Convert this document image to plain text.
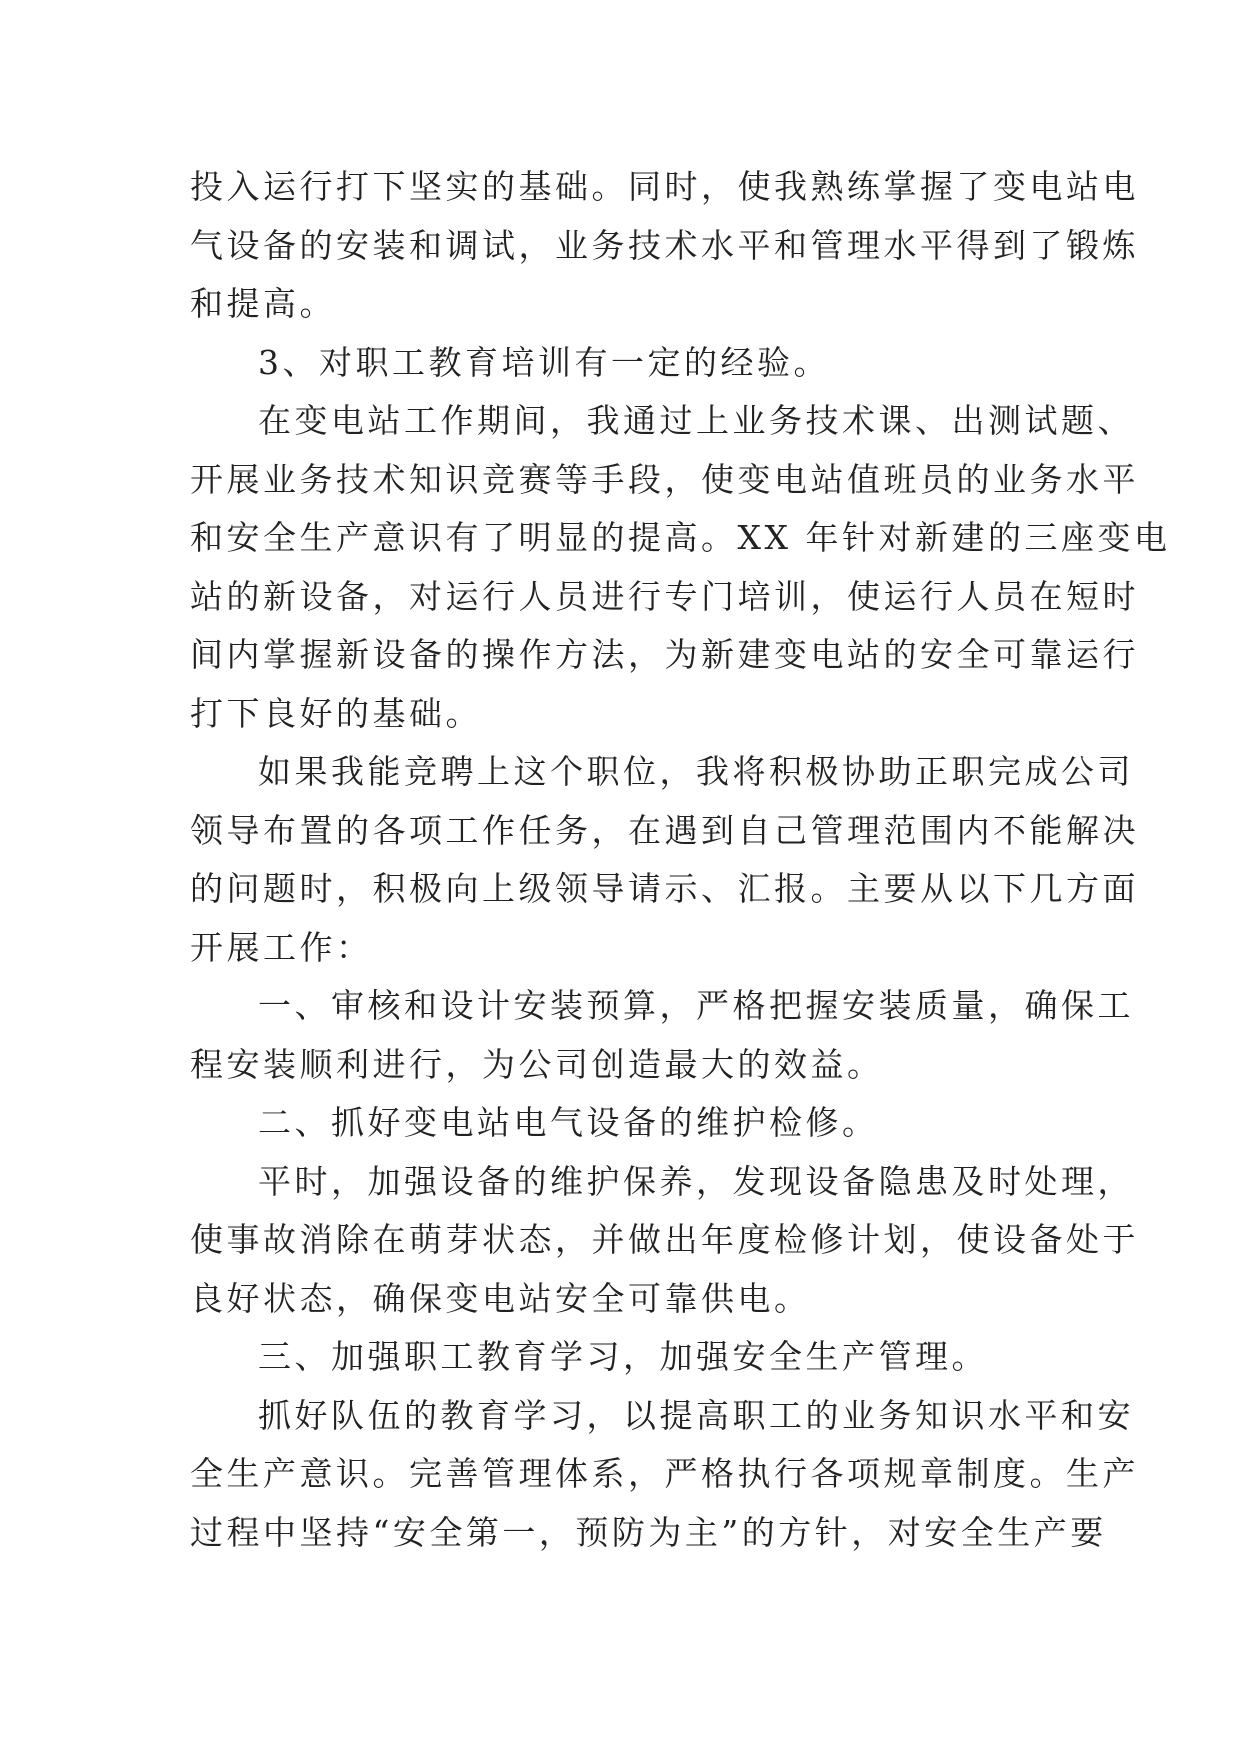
投入运行打下坚实的基础。同时，使我熟练掌握了变电站电
气设备的安装和调试，业务技术水平和管理水平得到了锻炼
和提高。
3、对职工教育培训有一定的经验。
在变电站工作期间，我通过上业务技术课、出测试题、
开展业务技术知识竞赛等手段，使变电站值班员的业务水平
和安全生产意识有了明显的提高。XX 年针对新建的三座变电
站的新设备，对运行人员进行专门培训，使运行人员在短时
间内掌握新设备的操作方法，为新建变电站的安全可靠运行
打下良好的基础。
如果我能竞聘上这个职位，我将积极协助正职完成公司
领导布置的各项工作任务，在遇到自己管理范围内不能解决
的问题时，积极向上级领导请示、汇报。主要从以下几方面
开展工作：
一、审核和设计安装预算，严格把握安装质量，确保工
程安装顺利进行，为公司创造最大的效益。
二、抓好变电站电气设备的维护检修。
平时，加强设备的维护保养，发现设备隐患及时处理，
使事故消除在萌芽状态，并做出年度检修计划，使设备处于
良好状态，确保变电站安全可靠供电。
三、加强职工教育学习，加强安全生产管理。
抓好队伍的教育学习，以提高职工的业务知识水平和安
全生产意识。完善管理体系，严格执行各项规章制度。生产
过程中坚持“安全第一，预防为主”的方针，对安全生产要
